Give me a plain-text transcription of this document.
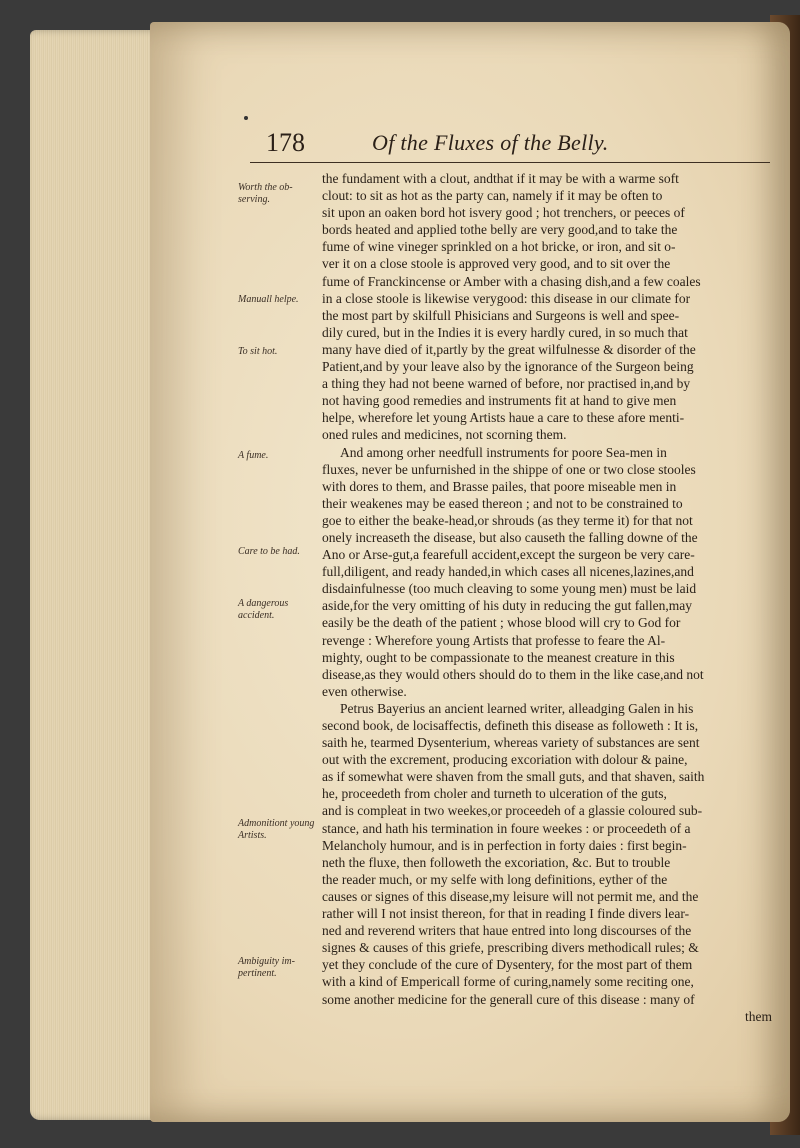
178	Of the Fluxes of the Belly.
Worth the ob-serving.
Manuall helpe.
To sit hot.
A fume.
Care to be had.
A dangerous accident.
Admonitiont young Artists.
Ambiguity im-pertinent.
the fundament with a clout, andthat if it may be with a warme soft
clout: to sit as hot as the party can, namely if it may be often to
sit upon an oaken bord hot isvery good ; hot trenchers, or peeces of
bords heated and applied tothe belly are very good,and to take the
fume of wine vineger sprinkled on a hot bricke, or iron, and sit o-
ver it on a close stoole is approved very good, and to sit over the
fume of Franckincense or Amber with a chasing dish,and a few coales
in a close stoole is likewise verygood: this disease in our climate for
the most part by skilfull Phisicians and Surgeons is well and spee-
dily cured, but in the Indies it is every hardly cured, in so much that
many have died of it,partly by the great wilfulnesse & disorder of the
Patient,and by your leave also by the ignorance of the Surgeon being
a thing they had not beene warned of before, nor practised in,and by
not having good remedies and instruments fit at hand to give men
helpe, wherefore let young Artists haue a care to these afore menti-
oned rules and medicines, not scorning them.
And among orher needfull instruments for poore Sea-men in
fluxes, never be unfurnished in the shippe of one or two close stooles
with dores to them, and Brasse pailes, that poore miseable men in
their weakenes may be eased thereon ; and not to be constrained to
goe to either the beake-head,or shrouds (as they terme it) for that not
onely increaseth the disease, but also causeth the falling downe of the
Ano or Arse-gut,a fearefull accident,except the surgeon be very care-
full,diligent, and ready handed,in which cases all nicenes,lazines,and
disdainfulnesse (too much cleaving to some young men) must be laid
aside,for the very omitting of his duty in reducing the gut fallen,may
easily be the death of the patient ; whose blood will cry to God for
revenge : Wherefore young Artists that professe to feare the Al-
mighty, ought to be compassionate to the meanest creature in this
disease,as they would others should do to them in the like case,and not
even otherwise.
Petrus Bayerius an ancient learned writer, alleadging Galen in his
second book, de locisaffectis, defineth this disease as followeth : It is,
saith he, tearmed Dysenterium, whereas variety of substances are sent
out with the excrement, producing excoriation with dolour & paine,
as if somewhat were shaven from the small guts, and that shaven, saith
he, proceedeth from choler and turneth to ulceration of the guts,
and is compleat in two weekes,or proceedeh of a glassie coloured sub-
stance, and hath his termination in foure weekes : or proceedeth of a
Melancholy humour, and is in perfection in forty daies : first begin-
neth the fluxe, then followeth the excoriation, &c. But to trouble
the reader much, or my selfe with long definitions, eyther of the
causes or signes of this disease,my leisure will not permit me, and the
rather will I not insist thereon, for that in reading I finde divers lear-
ned and reverend writers that haue entred into long discourses of the
signes & causes of this griefe, prescribing divers methodicall rules; &
yet they conclude of the cure of Dysentery, for the most part of them
with a kind of Empericall forme of curing,namely some reciting one,
some another medicine for the generall cure of this disease : many of
them
